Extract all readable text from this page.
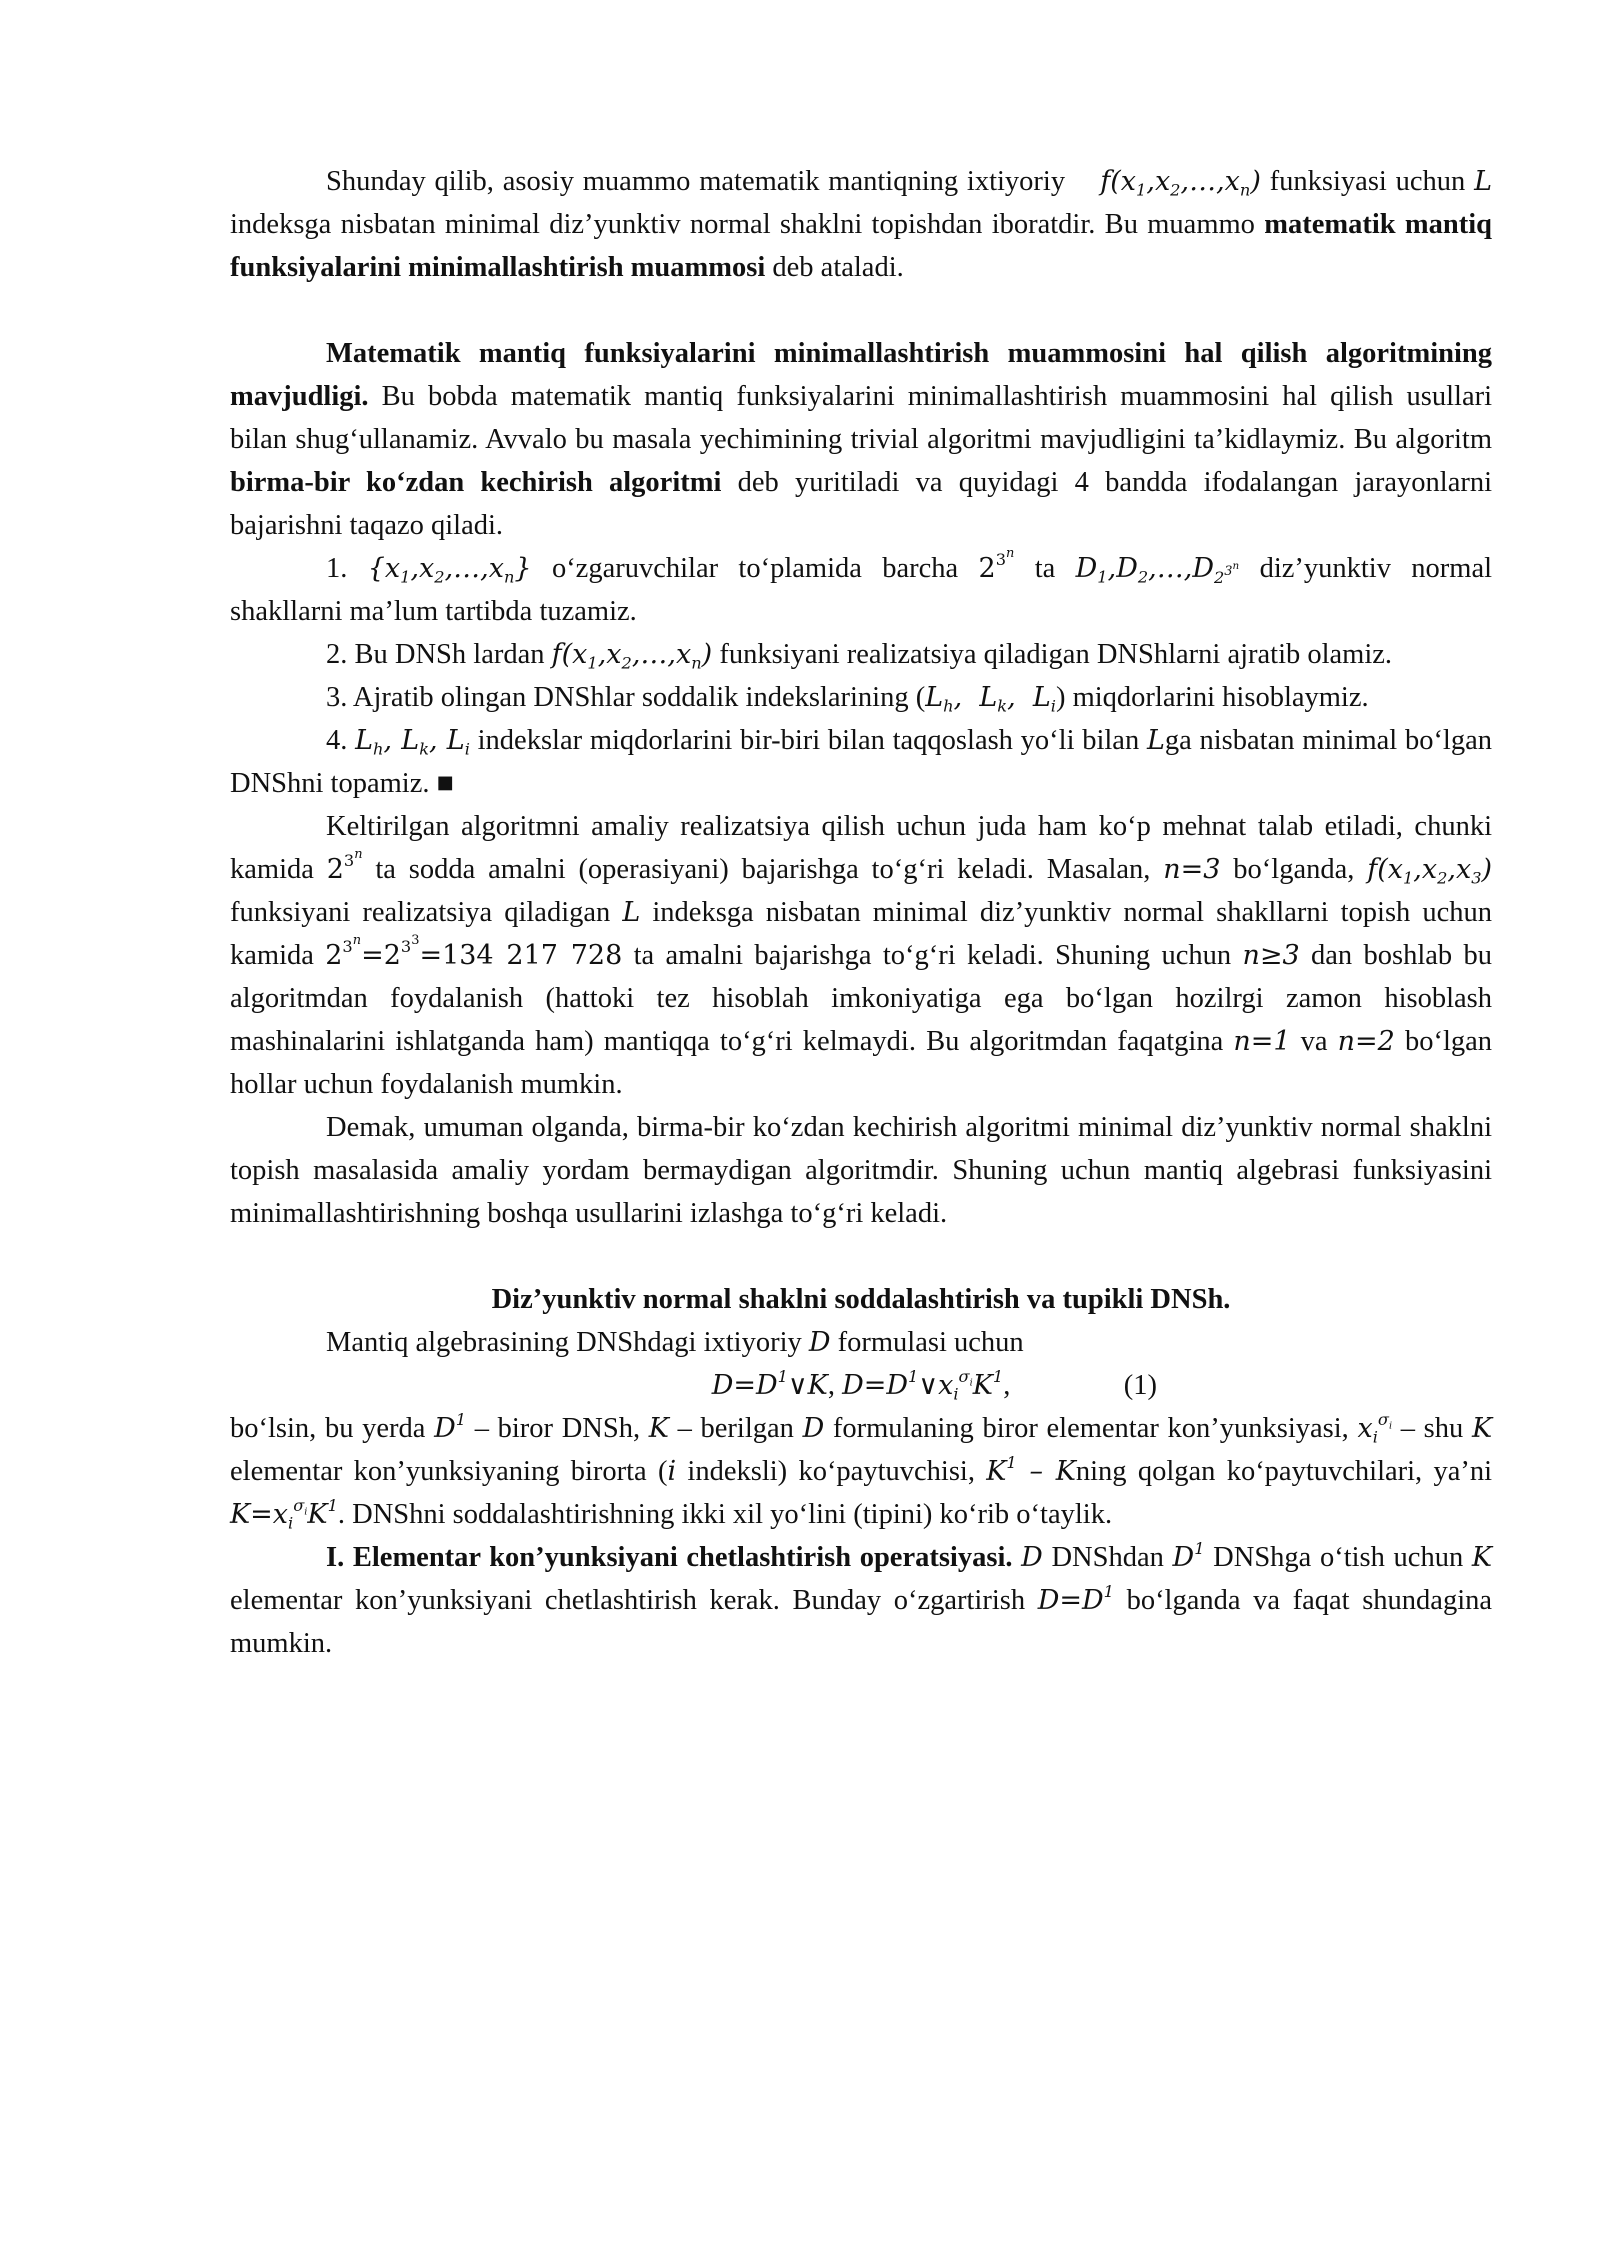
Shunday qilib, asosiy muammo matematik mantiqning ixtiyoriy $f(x_1,x_2,\dots,x_n)$ funksiyasi uchun L indeksga nisbatan minimal diz’yunktiv normal shaklni topishdan iboratdir. Bu muammo matematik mantiq funksiyalarini minimallashtirish muammosi deb ataladi.

Matematik mantiq funksiyalarini minimallashtirish muammosini hal qilish algoritmining mavjudligi. Bu bobda matematik mantiq funksiyalarini minimallashtirish muammosini hal qilish usullari bilan shug‘ullanamiz. Avvalo bu masala yechimining trivial algoritmi mavjudligini ta’kidlaymiz. Bu algoritm birma-bir ko‘zdan kechirish algoritmi deb yuritiladi va quyidagi 4 bandda ifodalangan jarayonlarni bajarishni taqazo qiladi.

1. $\{x_1,x_2,\dots,x_n\}$ o‘zgaruvchilar to‘plamida barcha $2^{3^n}$ ta $D_1,D_2,\dots,D_{2^{3^n}}$ diz’yunktiv normal shakllarni ma’lum tartibda tuzamiz.

2. Bu DNSh lardan $f(x_1,x_2,\dots,x_n)$ funksiyani realizatsiya qiladigan DNShlarni ajratib olamiz.

3. Ajratib olingan DNShlar soddalik indekslarining ($L_h$,  $L_k$,  $L_i$) miqdorlarini hisoblaymiz.

4. $L_h$, $L_k$, $L_i$ indekslar miqdorlarini bir-biri bilan taqqoslash yo‘li bilan Lga nisbatan minimal bo‘lgan DNShni topamiz. ■

Keltirilgan algoritmni amaliy realizatsiya qilish uchun juda ham ko‘p mehnat talab etiladi, chunki kamida $2^{3^n}$ ta sodda amalni (operasiyani) bajarishga to‘g‘ri keladi. Masalan, n=3 bo‘lganda, $f(x_1,x_2,x_3)$ funksiyani realizatsiya qiladigan L indeksga nisbatan minimal diz’yunktiv normal shakllarni topish uchun kamida $2^{3^n}=2^{3^3}=134$ 217 728 ta amalni bajarishga to‘g‘ri keladi. Shuning uchun n≥3 dan boshlab bu algoritmdan foydalanish (hattoki tez hisoblah imkoniyatiga ega bo‘lgan hozilrgi zamon hisoblash mashinalarini ishlatganda ham) mantiqqa to‘g‘ri kelmaydi. Bu algoritmdan faqatgina n=1 va n=2 bo‘lgan hollar uchun foydalanish mumkin.

Demak, umuman olganda, birma-bir ko‘zdan kechirish algoritmi minimal diz’yunktiv normal shaklni topish masalasida amaliy yordam bermaydigan algoritmdir. Shuning uchun mantiq algebrasi funksiyasini minimallashtirishning boshqa usullarini izlashga to‘g‘ri keladi.

Diz’yunktiv normal shaklni soddalashtirish va tupikli DNSh.

Mantiq algebrasining DNShdagi ixtiyoriy D formulasi uchun

$D=D^1\vee K$, $D=D^1\vee x_i^{\sigma_i}K^1$,	(1)

bo‘lsin, bu yerda $D^1$ – biror DNSh, K – berilgan D formulaning biror elementar kon’yunksiyasi, $x_i^{\sigma_i}$ – shu K elementar kon’yunksiyaning birorta (i indeksli) ko‘paytuvchisi, $K^1$ – Kning qolgan ko‘paytuvchilari, ya’ni $K=x_i^{\sigma_i}K^1$. DNShni soddalashtirishning ikki xil yo‘lini (tipini) ko‘rib o‘taylik.

I. Elementar kon’yunksiyani chetlashtirish operatsiyasi. D DNShdan $D^1$ DNShga o‘tish uchun K elementar kon’yunksiyani chetlashtirish kerak. Bunday o‘zgartirish $D=D^1$ bo‘lganda va faqat shundagina mumkin.
